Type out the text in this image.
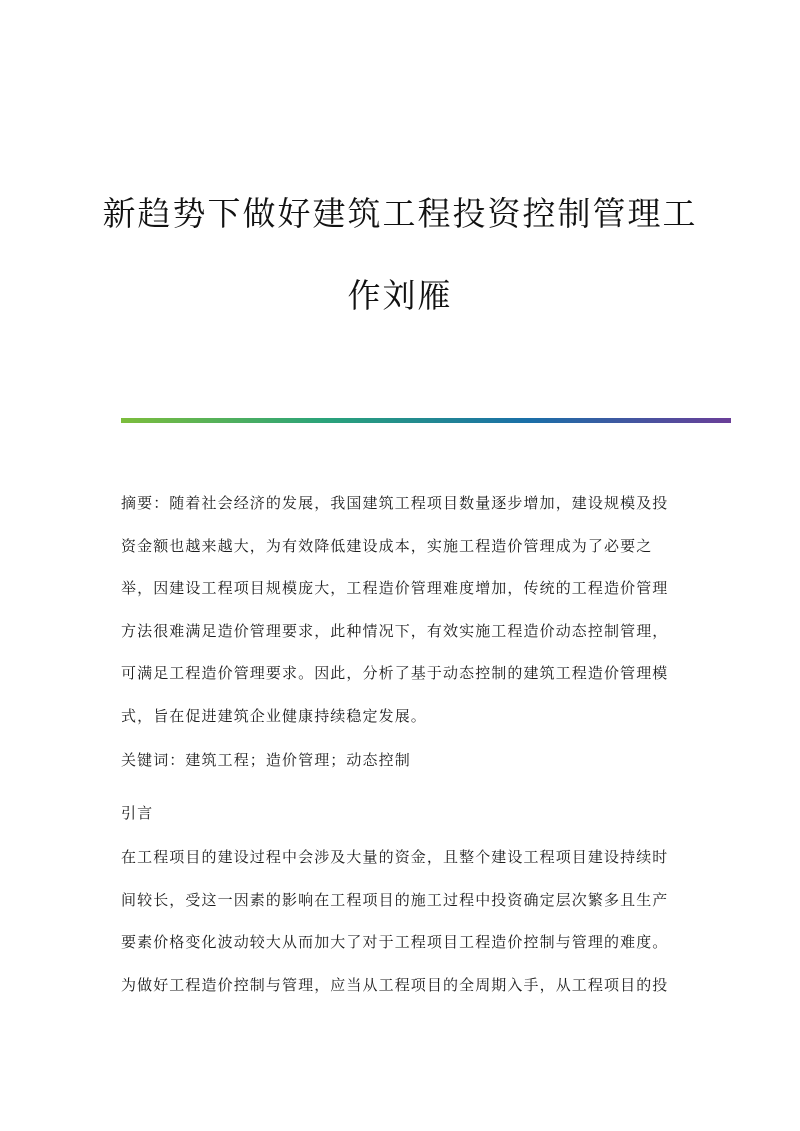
新趋势下做好建筑工程投资控制管理工
作刘雁

摘要：随着社会经济的发展，我国建筑工程项目数量逐步增加，建设规模及投
资金额也越来越大，为有效降低建设成本，实施工程造价管理成为了必要之
举，因建设工程项目规模庞大，工程造价管理难度增加，传统的工程造价管理
方法很难满足造价管理要求，此种情况下，有效实施工程造价动态控制管理，
可满足工程造价管理要求。因此，分析了基于动态控制的建筑工程造价管理模
式，旨在促进建筑企业健康持续稳定发展。

关键词：建筑工程；造价管理；动态控制

引言

在工程项目的建设过程中会涉及大量的资金，且整个建设工程项目建设持续时
间较长，受这一因素的影响在工程项目的施工过程中投资确定层次繁多且生产
要素价格变化波动较大从而加大了对于工程项目工程造价控制与管理的难度。
为做好工程造价控制与管理，应当从工程项目的全周期入手，从工程项目的投
